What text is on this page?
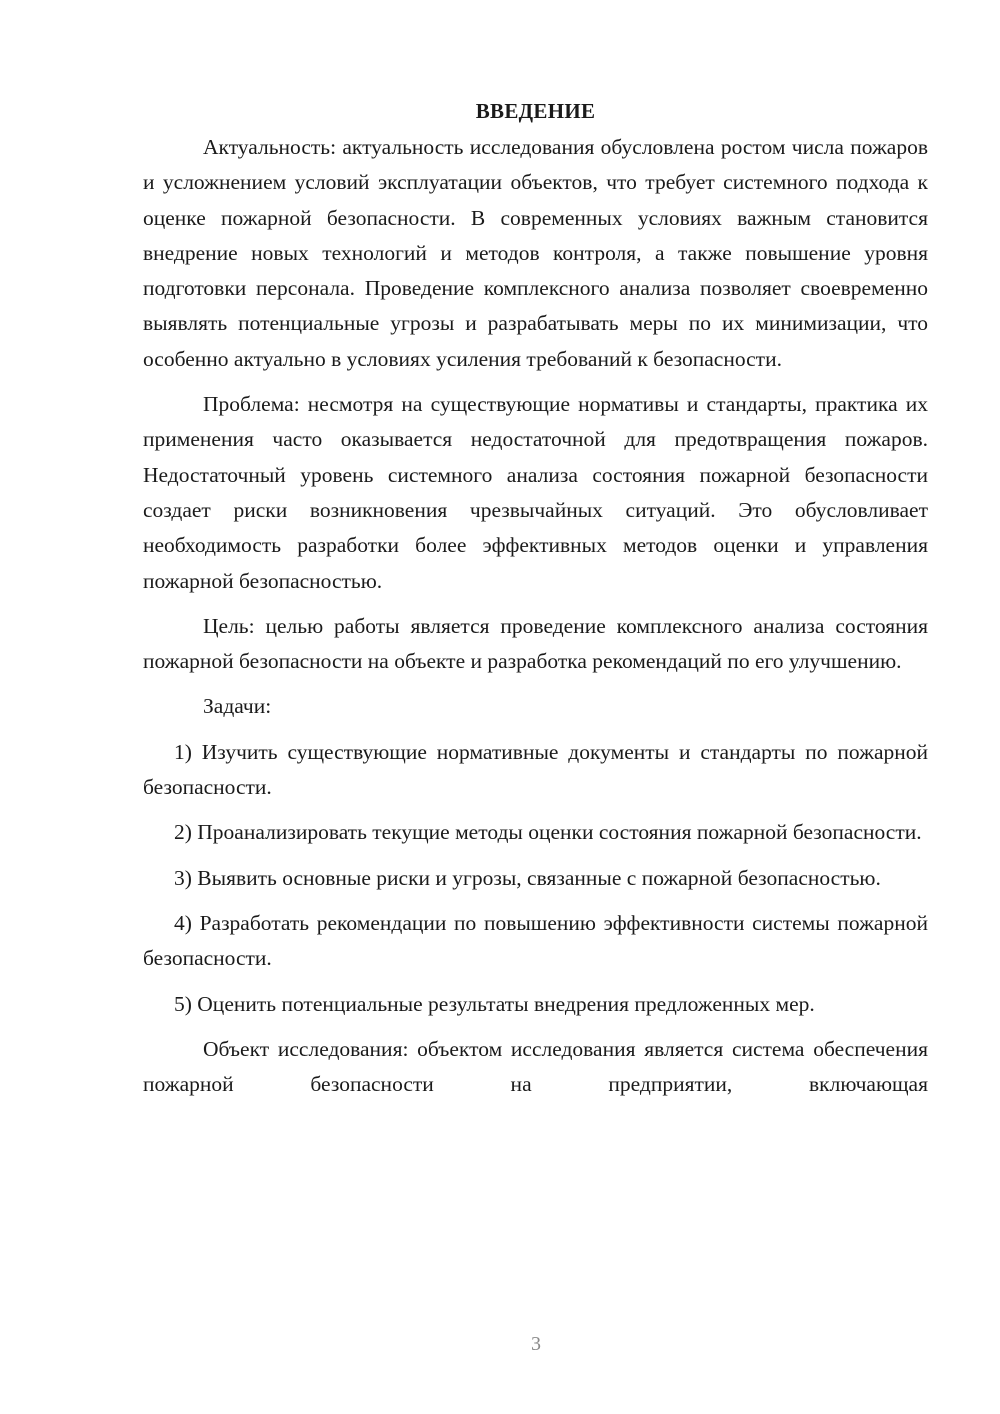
ВВЕДЕНИЕ

Актуальность: актуальность исследования обусловлена ростом числа пожаров и усложнением условий эксплуатации объектов, что требует системного подхода к оценке пожарной безопасности. В современных условиях важным становится внедрение новых технологий и методов контроля, а также повышение уровня подготовки персонала. Проведение комплексного анализа позволяет своевременно выявлять потенциальные угрозы и разрабатывать меры по их минимизации, что особенно актуально в условиях усиления требований к безопасности.

Проблема: несмотря на существующие нормативы и стандарты, практика их применения часто оказывается недостаточной для предотвращения пожаров. Недостаточный уровень системного анализа состояния пожарной безопасности создает риски возникновения чрезвычайных ситуаций. Это обусловливает необходимость разработки более эффективных методов оценки и управления пожарной безопасностью.

Цель: целью работы является проведение комплексного анализа состояния пожарной безопасности на объекте и разработка рекомендаций по его улучшению.

Задачи:

1) Изучить существующие нормативные документы и стандарты по пожарной безопасности.

2) Проанализировать текущие методы оценки состояния пожарной безопасности.

3) Выявить основные риски и угрозы, связанные с пожарной безопасностью.

4) Разработать рекомендации по повышению эффективности системы пожарной безопасности.

5) Оценить потенциальные результаты внедрения предложенных мер.

Объект исследования: объектом исследования является система обеспечения пожарной безопасности на предприятии, включающая

3
